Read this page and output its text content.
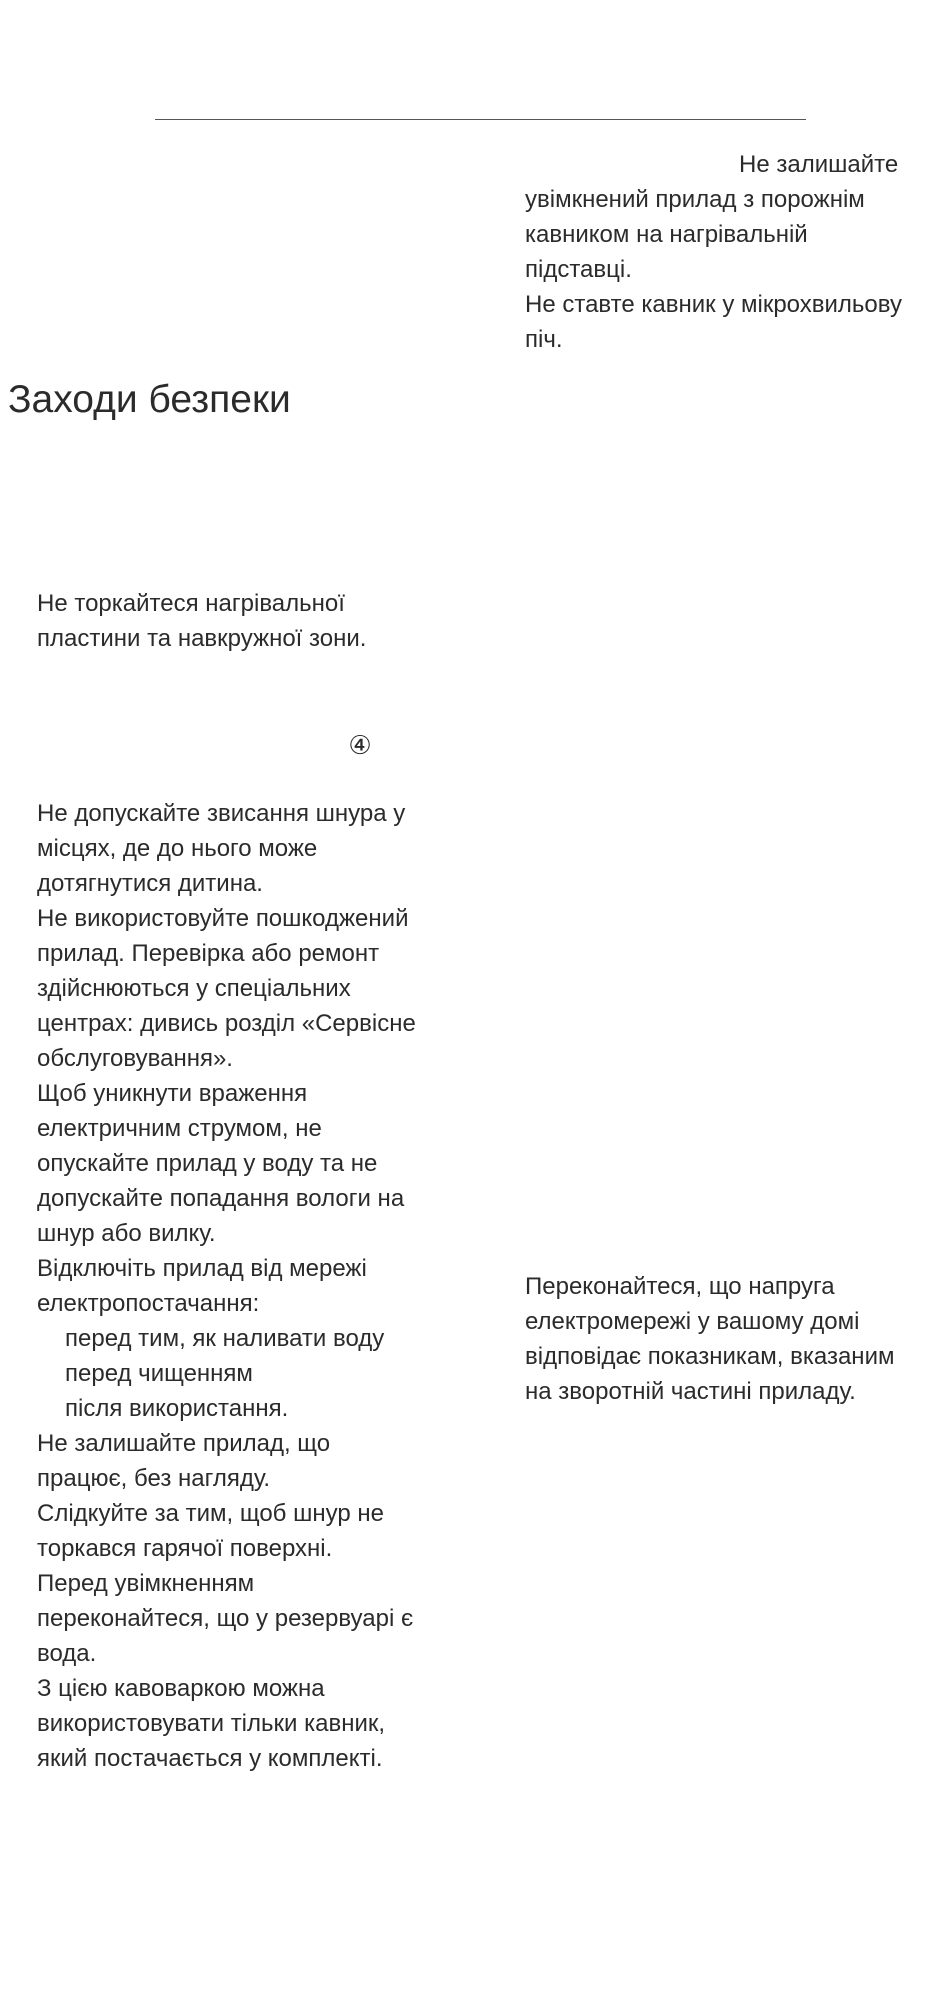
Не залишайте
увімкнений прилад з порожнім
кавником на нагрівальній
підставці.
Не ставте кавник у мікрохвильову
піч.
Заходи безпеки
Не торкайтеся нагрівальної
пластини та навкружної зони.
④
Не допускайте звисання шнура у
місцях, де до нього може
дотягнутися дитина.
Не використовуйте пошкоджений
прилад. Перевірка або ремонт
здійснюються у спеціальних
центрах: дивись розділ «Сервісне
обслуговування».
Щоб уникнути враження
електричним струмом, не
опускайте прилад у воду та не
допускайте попадання вологи на
шнур або вилку.
Відключіть прилад від мережі
електропостачання:
перед тим, як наливати воду
перед чищенням
після використання.
Не залишайте прилад, що
працює, без нагляду.
Слідкуйте за тим, щоб шнур не
торкався гарячої поверхні.
Перед увімкненням
переконайтеся, що у резервуарі є
вода.
З цією кавоваркою можна
використовувати тільки кавник,
який постачається у комплекті.
Переконайтеся, що напруга
електромережі у вашому домі
відповідає показникам, вказаним
на зворотній частині приладу.
